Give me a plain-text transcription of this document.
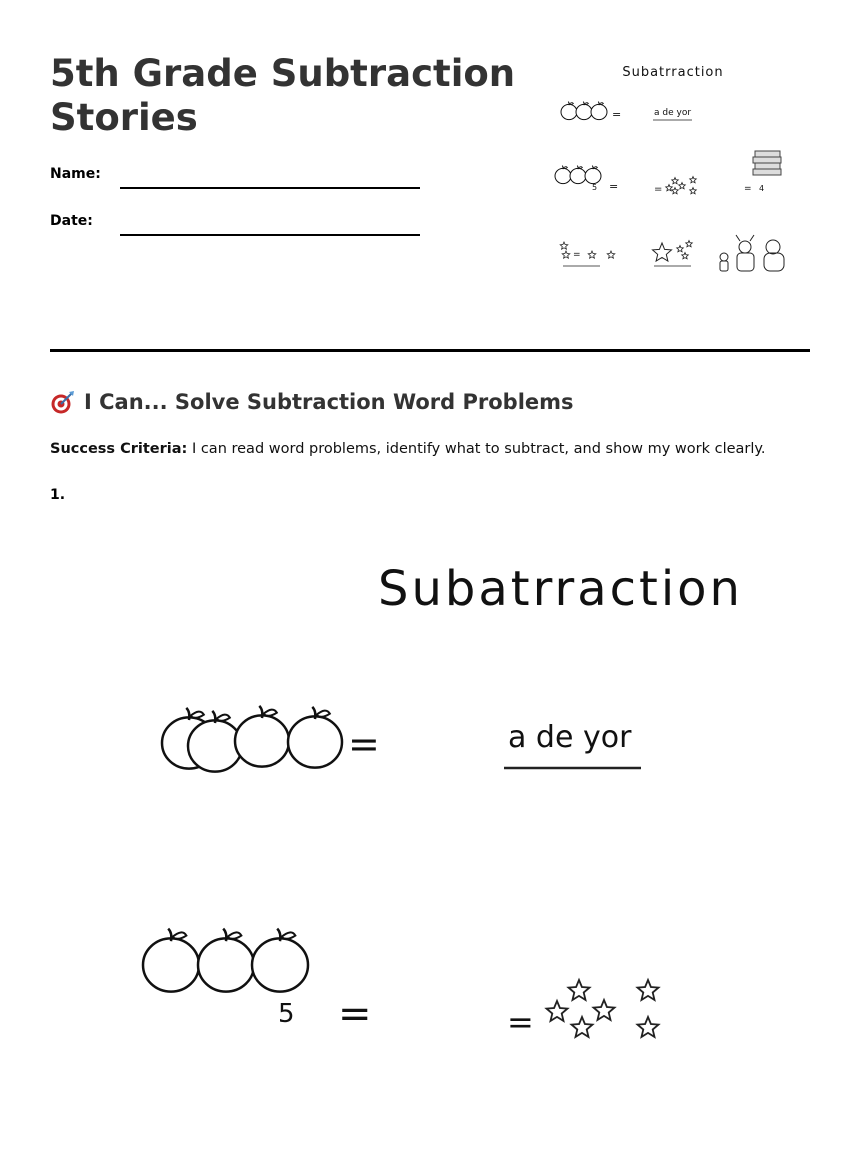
5th Grade Subtraction Stories
Name:
Date:
Subatrraction
=	a de yor
5 =	=	= 4
=
I Can... Solve Subtraction Word Problems
Success Criteria: I can read word problems, identify what to subtract, and show my work clearly.
1.
Subatrraction
=	a de yor
5 =	=
